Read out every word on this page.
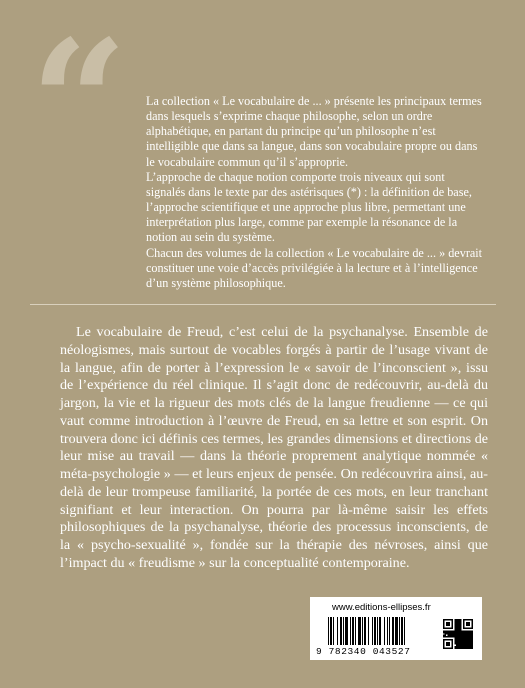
“ La collection « Le vocabulaire de ... » présente les principaux termes dans lesquels s’exprime chaque philosophe, selon un ordre alphabétique, en partant du principe qu’un philosophe n’est intelligible que dans sa langue, dans son vocabulaire propre ou dans le vocabulaire commun qu’il s’approprie.

L’approche de chaque notion comporte trois niveaux qui sont signalés dans le texte par des astérisques (*) : la définition de base, l’approche scientifique et une approche plus libre, permettant une interprétation plus large, comme par exemple la résonance de la notion au sein du système.

Chacun des volumes de la collection « Le vocabulaire de ... » devrait constituer une voie d’accès privilégiée à la lecture et à l’intelligence d’un système philosophique.

Le vocabulaire de Freud, c’est celui de la psychanalyse. Ensemble de néologismes, mais surtout de vocables forgés à partir de l’usage vivant de la langue, afin de porter à l’expression le « savoir de l’inconscient », issu de l’expérience du réel clinique. Il s’agit donc de redécouvrir, au-delà du jargon, la vie et la rigueur des mots clés de la langue freudienne — ce qui vaut comme introduction à l’œuvre de Freud, en sa lettre et son esprit. On trouvera donc ici définis ces termes, les grandes dimensions et directions de leur mise au travail — dans la théorie proprement analytique nommée « méta-psychologie » — et leurs enjeux de pensée. On redécouvrira ainsi, au-delà de leur trompeuse familiarité, la portée de ces mots, en leur tranchant signifiant et leur interaction. On pourra par là-même saisir les effets philosophiques de la psychanalyse, théorie des processus inconscients, de la « psycho-sexualité », fondée sur la thérapie des névroses, ainsi que l’impact du « freudisme » sur la conceptualité contemporaine.

www.editions-ellipses.fr
9 782340 043527
